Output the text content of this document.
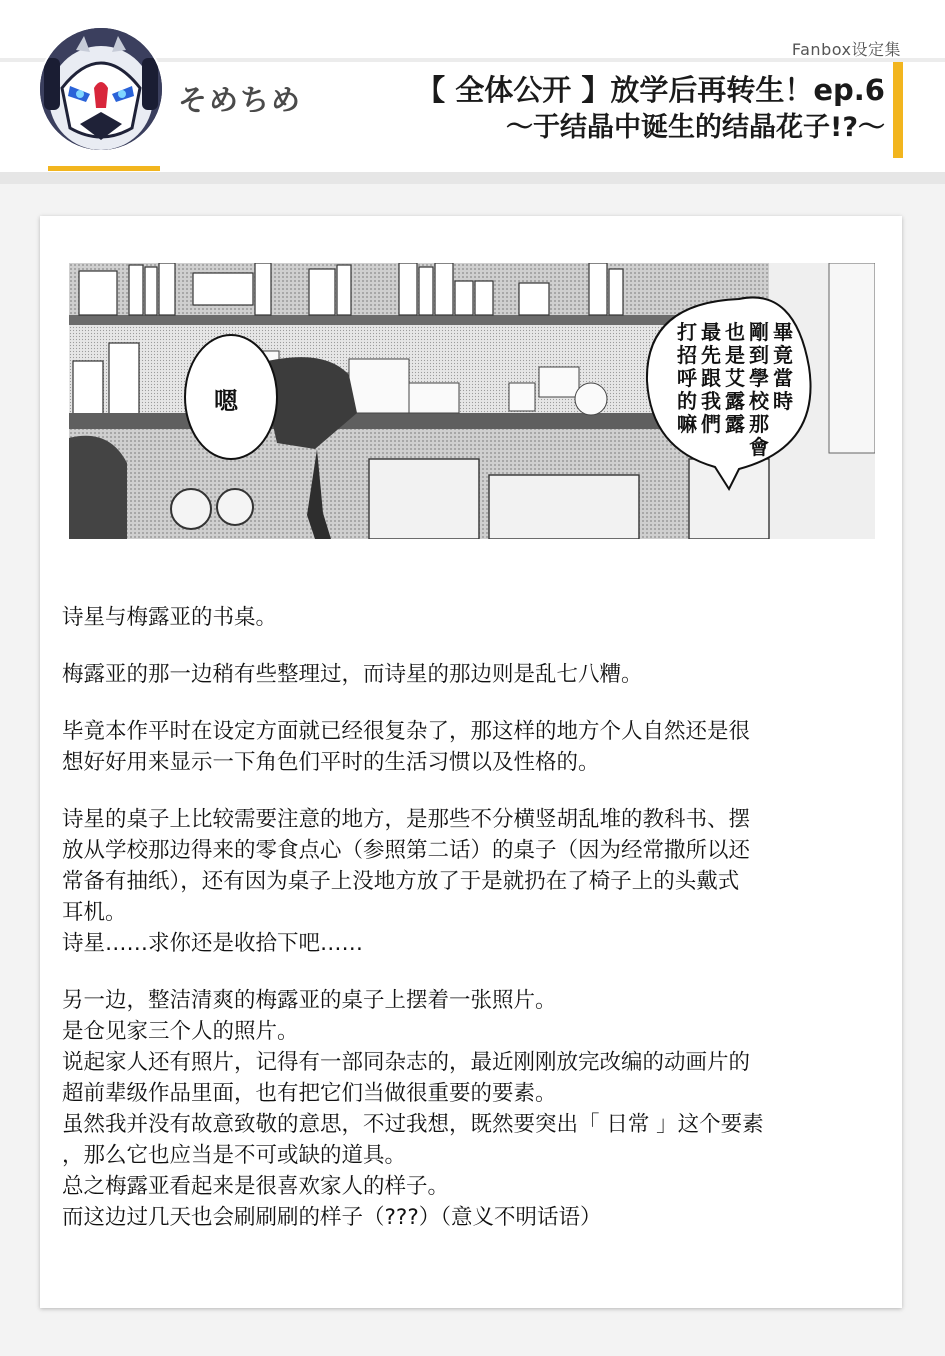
そめちめ
Fanbox设定集
【 全体公开 】放学后再转生！ep.6
～于结晶中诞生的结晶花子!?～
嗯
畢
竟
當
時
剛
到
學
校
那
會
也
是
艾
露
露
最
先
跟
我
們
打
招
呼
的
嘛

诗星与梅露亚的书桌。

梅露亚的那一边稍有些整理过，而诗星的那边则是乱七八糟。

毕竟本作平时在设定方面就已经很复杂了，那这样的地方个人自然还是很

想好好用来显示一下角色们平时的生活习惯以及性格的。

诗星的桌子上比较需要注意的地方，是那些不分横竖胡乱堆的教科书、摆

放从学校那边得来的零食点心（参照第二话）的桌子（因为经常撒所以还

常备有抽纸），还有因为桌子上没地方放了于是就扔在了椅子上的头戴式

耳机。

诗星……求你还是收拾下吧……

另一边，整洁清爽的梅露亚的桌子上摆着一张照片。

是仓见家三个人的照片。

说起家人还有照片，记得有一部同杂志的，最近刚刚放完改编的动画片的

超前辈级作品里面，也有把它们当做很重要的要素。

虽然我并没有故意致敬的意思，不过我想，既然要突出「 日常 」这个要素

，那么它也应当是不可或缺的道具。

总之梅露亚看起来是很喜欢家人的样子。

而这边过几天也会刷刷刷的样子（???）（意义不明话语）
